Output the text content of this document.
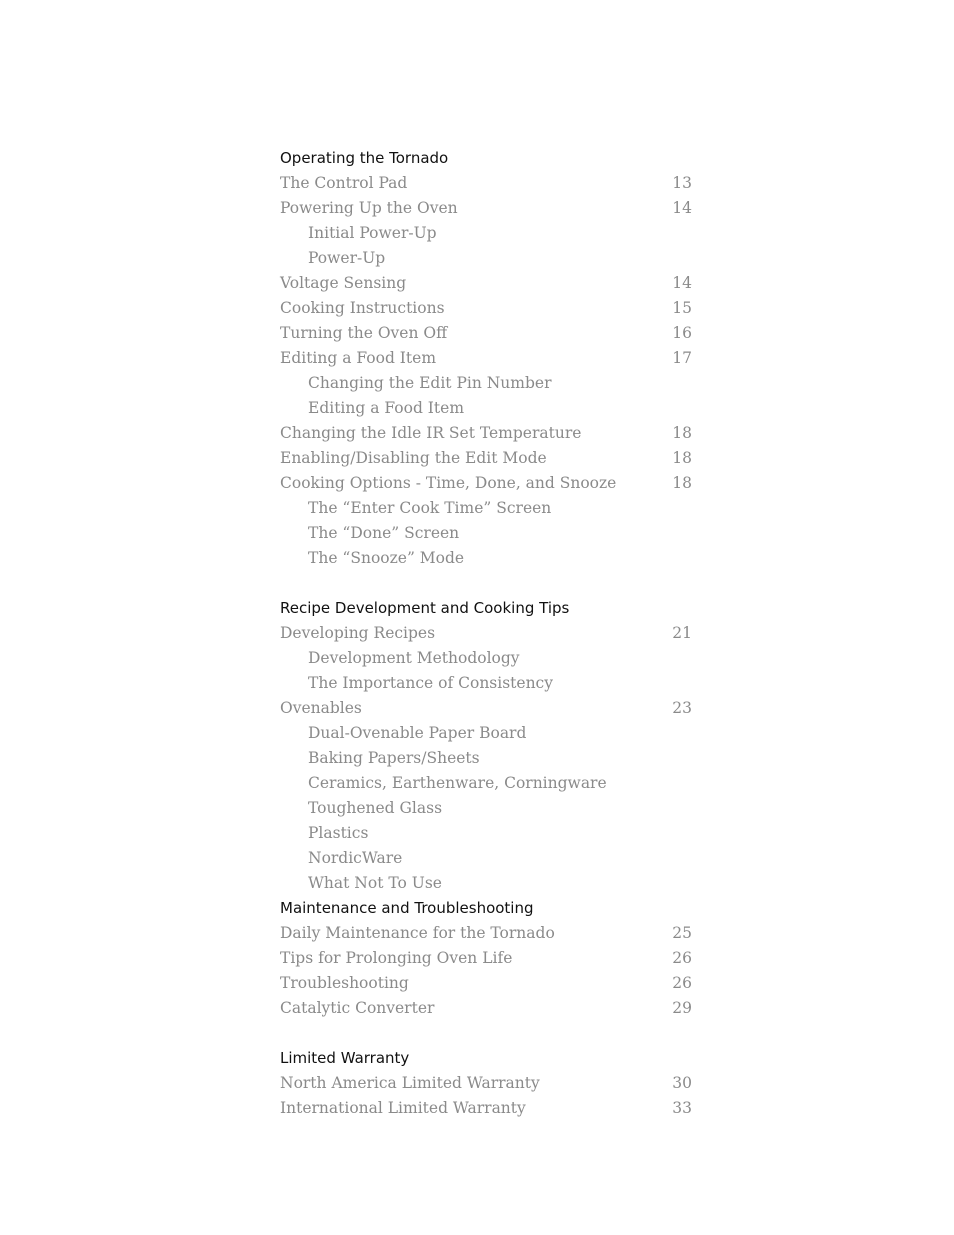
Operating the Tornado
The Control Pad	13
Powering Up the Oven	14
Initial Power-Up
Power-Up
Voltage Sensing	14
Cooking Instructions	15
Turning the Oven Off	16
Editing a Food Item	17
Changing the Edit Pin Number
Editing a Food Item
Changing the Idle IR Set Temperature	18
Enabling/Disabling the Edit Mode	18
Cooking Options - Time, Done, and Snooze	18
The “Enter Cook Time” Screen
The “Done” Screen
The “Snooze” Mode
Recipe Development and Cooking Tips
Developing Recipes	21
Development Methodology
The Importance of Consistency
Ovenables	23
Dual-Ovenable Paper Board
Baking Papers/Sheets
Ceramics, Earthenware, Corningware
Toughened Glass
Plastics
NordicWare
What Not To Use
Maintenance and Troubleshooting
Daily Maintenance for the Tornado	25
Tips for Prolonging Oven Life	26
Troubleshooting	26
Catalytic Converter	29
Limited Warranty
North America Limited Warranty	30
International Limited Warranty	33
